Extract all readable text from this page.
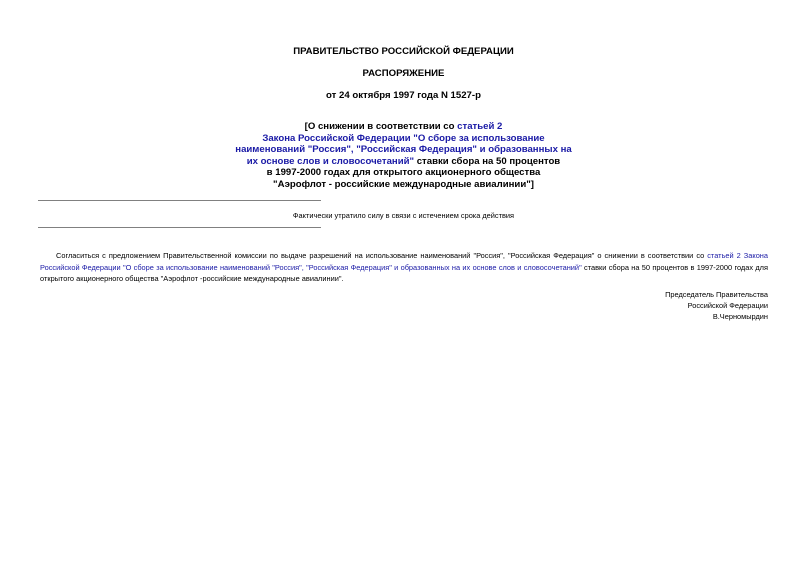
ПРАВИТЕЛЬСТВО РОССИЙСКОЙ ФЕДЕРАЦИИ
РАСПОРЯЖЕНИЕ
от 24 октября 1997 года N 1527-р
[О снижении в соответствии со статьей 2
Закона Российской Федерации "О сборе за использование
наименований "Россия", "Российская Федерация" и образованных на
их основе слов и словосочетаний" ставки сбора на 50 процентов
в 1997-2000 годах для открытого акционерного общества
"Аэрофлот - российские международные авиалинии"]
Фактически утратило силу в связи с истечением срока действия

Согласиться с предложением Правительственной комиссии по выдаче разрешений на использование наименований "Россия", "Российская Федерация" о снижении в соответствии со статьей 2 Закона Российской Федерации "О сборе за использование наименований "Россия", "Российская Федерация" и образованных на их основе слов и словосочетаний" ставки сбора на 50 процентов в 1997-2000 годах для открытого акционерного общества "Аэрофлот -российские международные авиалинии".

Председатель Правительства
Российской Федерации
В.Черномырдин
